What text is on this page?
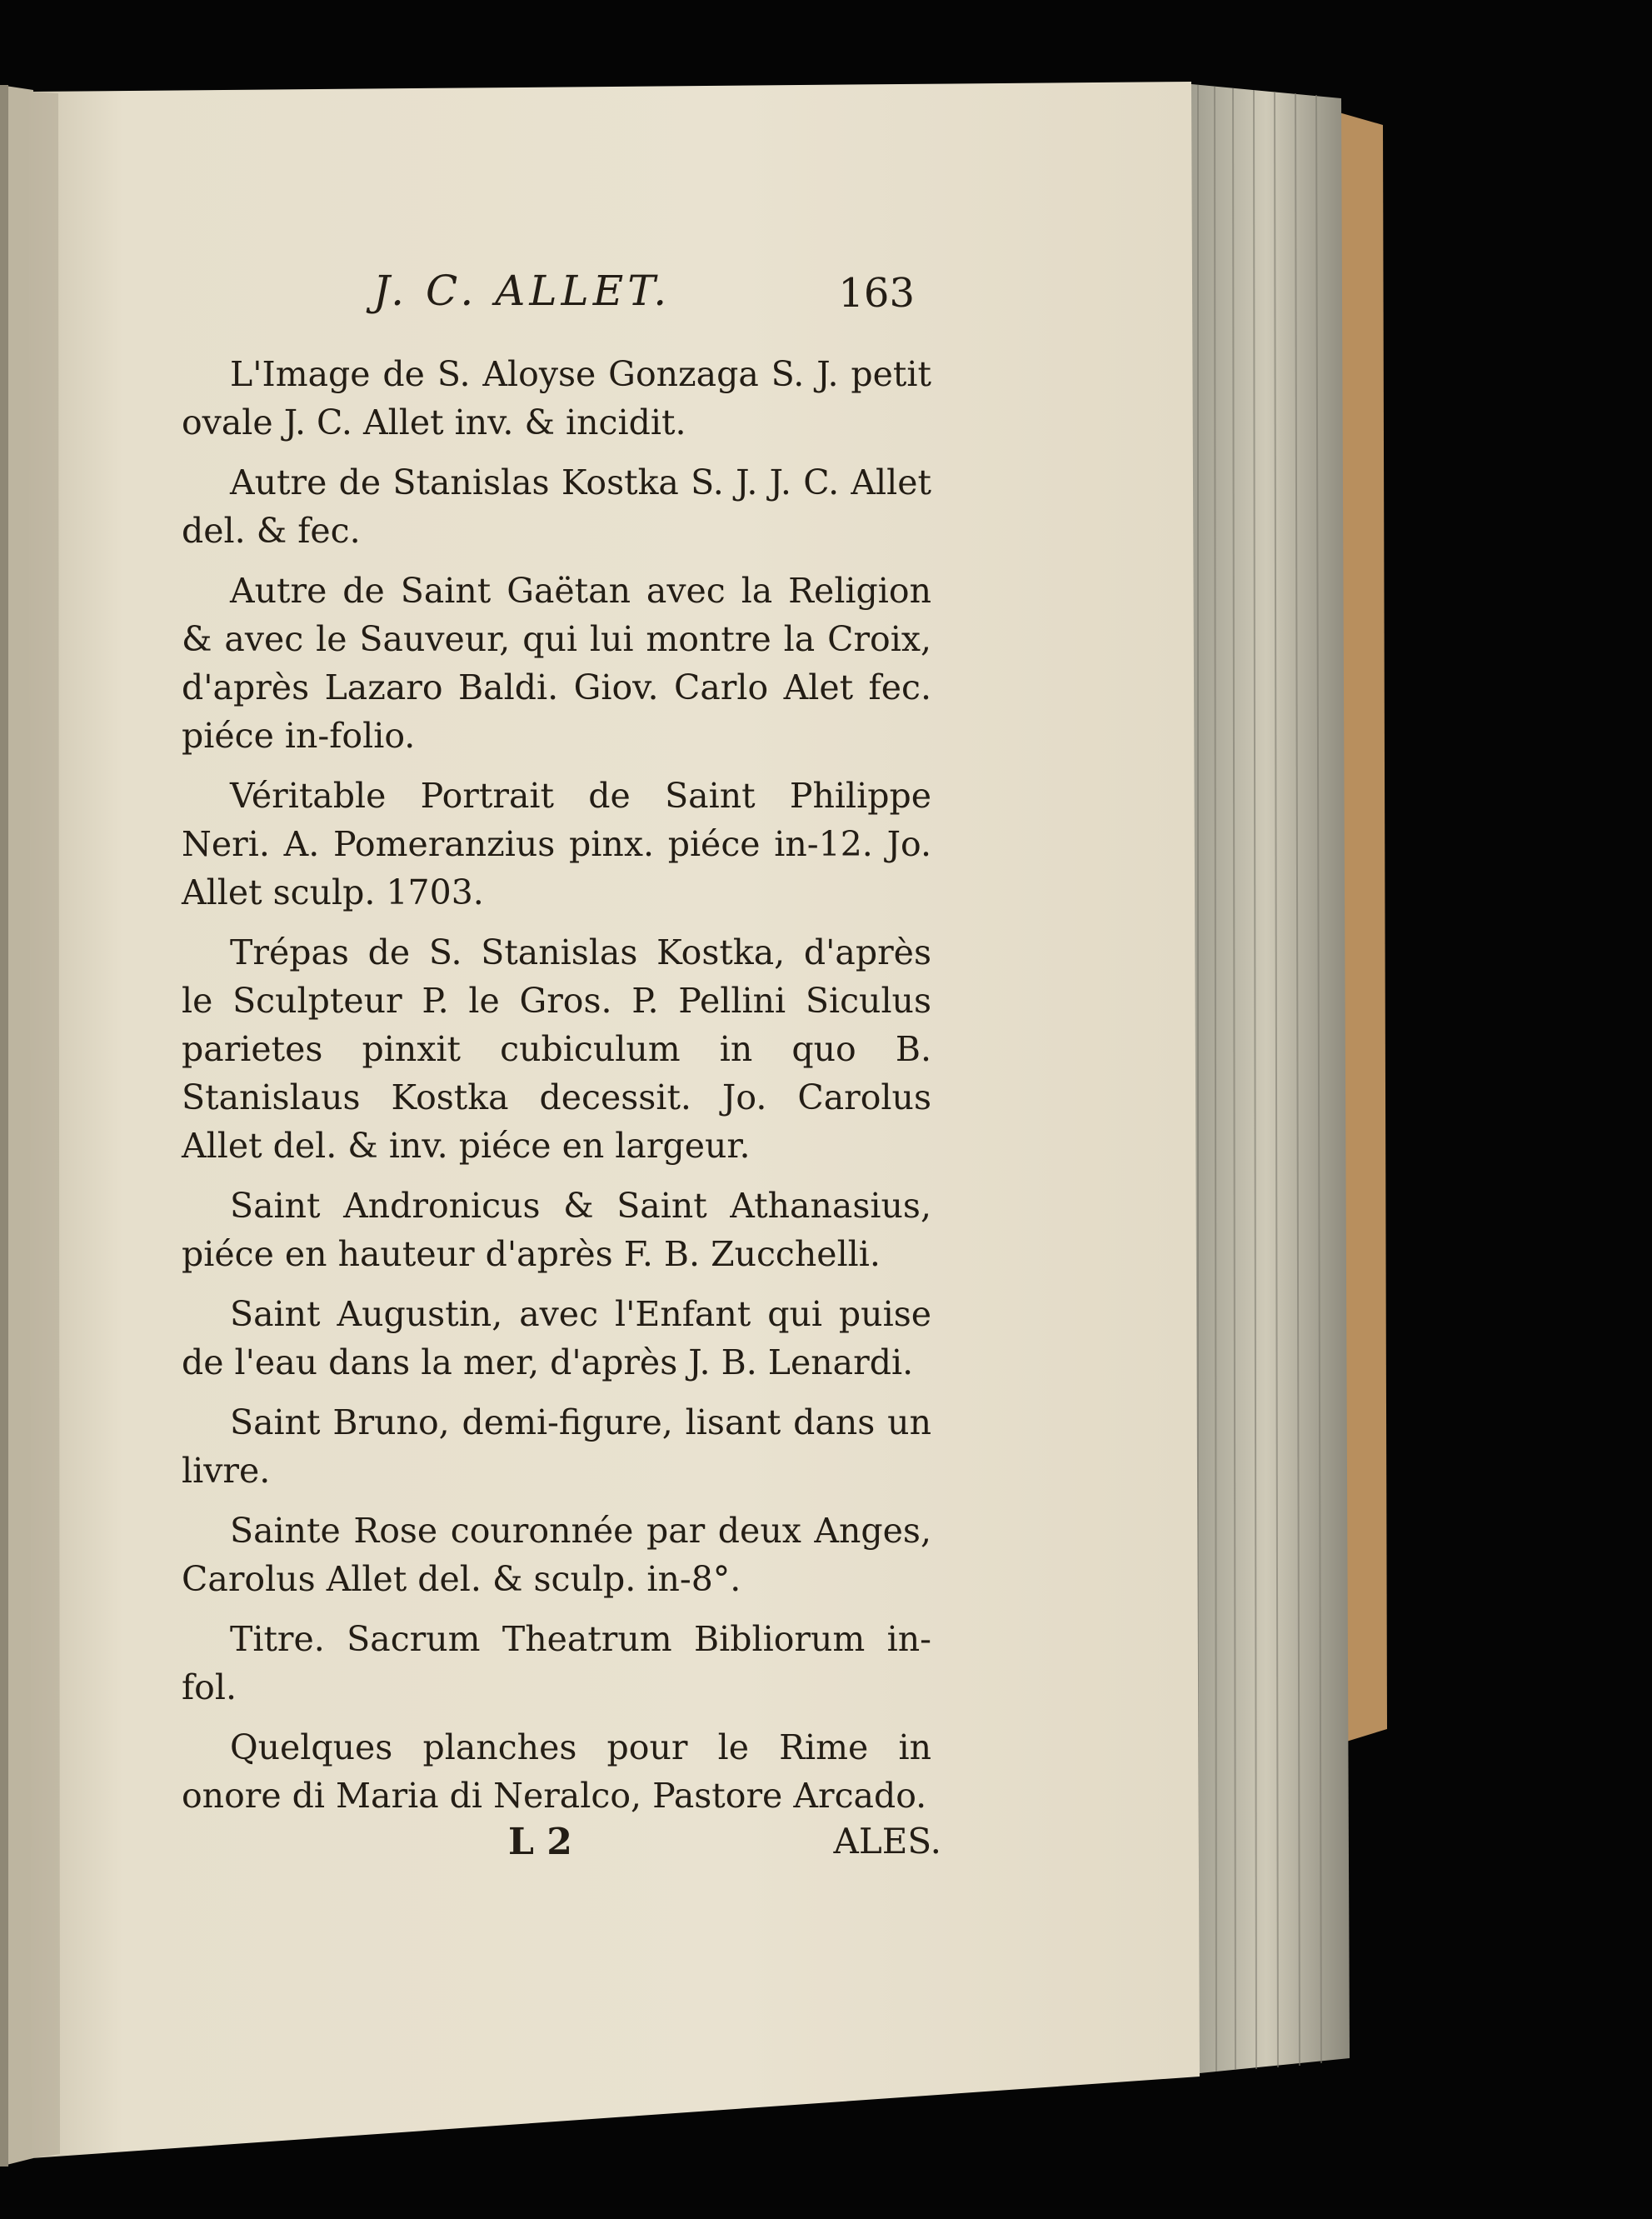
J. C. ALLET.	163

L'Image de S. Aloyse Gonzaga S. J. petit ovale J. C. Allet inv. & incidit.

Autre de Stanislas Kostka S. J. J. C. Allet del. & fec.

Autre de Saint Gaëtan avec la Religion & avec le Sauveur, qui lui montre la Croix, d'après Lazaro Baldi. Giov. Carlo Alet fec. piéce in-folio.

Véritable Portrait de Saint Philippe Neri. A. Pomeranzius pinx. piéce in-12. Jo. Allet sculp. 1703.

Trépas de S. Stanislas Kostka, d'après le Sculpteur P. le Gros. P. Pellini Siculus parietes pinxit cubiculum in quo B. Stanislaus Kostka decessit. Jo. Carolus Allet del. & inv. piéce en largeur.

Saint Andronicus & Saint Athanasius, piéce en hauteur d'après F. B. Zucchelli.

Saint Augustin, avec l'Enfant qui puise de l'eau dans la mer, d'après J. B. Lenardi.

Saint Bruno, demi-figure, lisant dans un livre.

Sainte Rose couronnée par deux Anges, Carolus Allet del. & sculp. in-8°.

Titre. Sacrum Theatrum Bibliorum in-fol.

Quelques planches pour le Rime in onore di Maria di Neralco, Pastore Arcado.

L 2	ALES.
